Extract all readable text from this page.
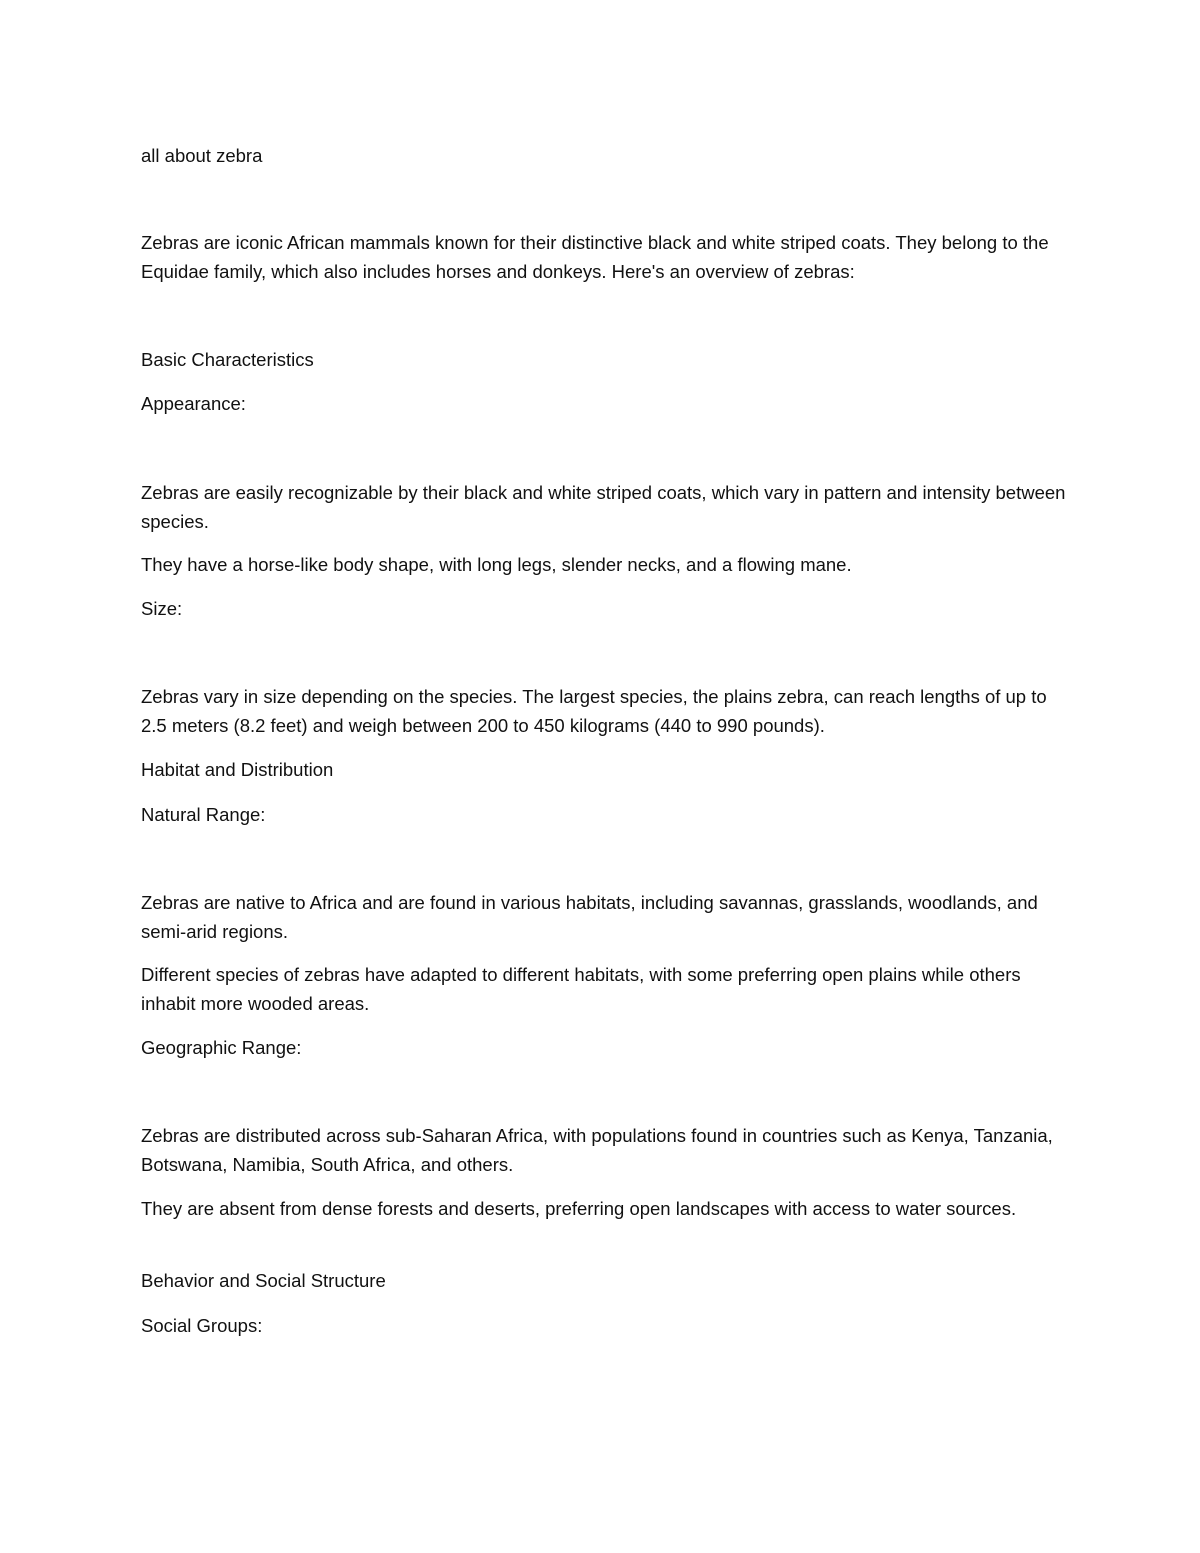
all about zebra

Zebras are iconic African mammals known for their distinctive black and white striped coats. They belong to the Equidae family, which also includes horses and donkeys. Here's an overview of zebras:

Basic Characteristics

Appearance:

Zebras are easily recognizable by their black and white striped coats, which vary in pattern and intensity between species.

They have a horse-like body shape, with long legs, slender necks, and a flowing mane.

Size:

Zebras vary in size depending on the species. The largest species, the plains zebra, can reach lengths of up to 2.5 meters (8.2 feet) and weigh between 200 to 450 kilograms (440 to 990 pounds).

Habitat and Distribution

Natural Range:

Zebras are native to Africa and are found in various habitats, including savannas, grasslands, woodlands, and semi-arid regions.

Different species of zebras have adapted to different habitats, with some preferring open plains while others inhabit more wooded areas.

Geographic Range:

Zebras are distributed across sub-Saharan Africa, with populations found in countries such as Kenya, Tanzania, Botswana, Namibia, South Africa, and others.

They are absent from dense forests and deserts, preferring open landscapes with access to water sources.

Behavior and Social Structure

Social Groups:
